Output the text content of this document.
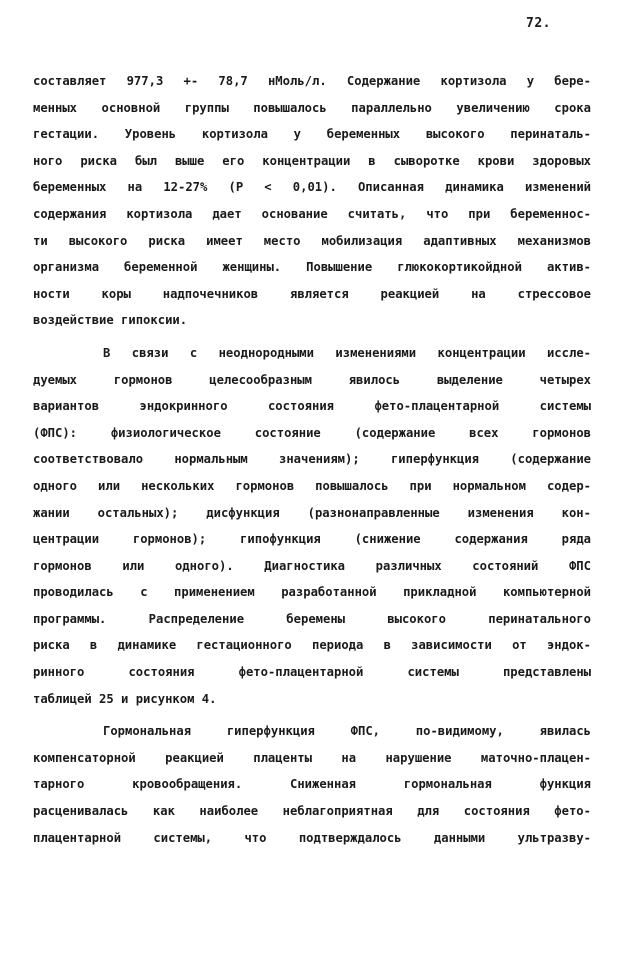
72.
составляет 977,3 +- 78,7 нМоль/л. Содержание кортизола у бере-
менных основной группы повышалось параллельно увеличению срока
гестации. Уровень кортизола у беременных высокого перинаталь-
ного риска был выше его концентрации в сыворотке крови здоровых
беременных на 12-27% (P < 0,01). Описанная динамика изменений
содержания кортизола дает основание считать, что при беременнос-
ти высокого риска имеет место мобилизация адаптивных механизмов
организма беременной женщины. Повышение глюкокортикойдной актив-
ности коры надпочечников является реакцией на стрессовое
воздействие гипоксии.
В связи с неоднородными изменениями концентрации иссле-
дуемых гормонов целесообразным явилось выделение четырех
вариантов эндокринного состояния фето-плацентарной системы
(ФПС): физиологическое состояние (содержание всех гормонов
соответствовало нормальным значениям); гиперфункция (содержание
одного или нескольких гормонов повышалось при нормальном содер-
жании остальных); дисфункция (разнонаправленные изменения кон-
центрации гормонов); гипофункция (снижение содержания ряда
гормонов или одного). Диагностика различных состояний ФПС
проводилась с применением разработанной прикладной компьютерной
программы. Распределение беремены высокого перинатального
риска в динамике гестационного периода в зависимости от эндок-
ринного состояния фето-плацентарной системы представлены
таблицей 25 и рисунком 4.
Гормональная гиперфункция ФПС, по-видимому, явилась
компенсаторной реакцией плаценты на нарушение маточно-плацен-
тарного кровообращения. Сниженная гормональная функция
расценивалась как наиболее неблагоприятная для состояния фето-
плацентарной системы, что подтверждалось данными ультразву-
